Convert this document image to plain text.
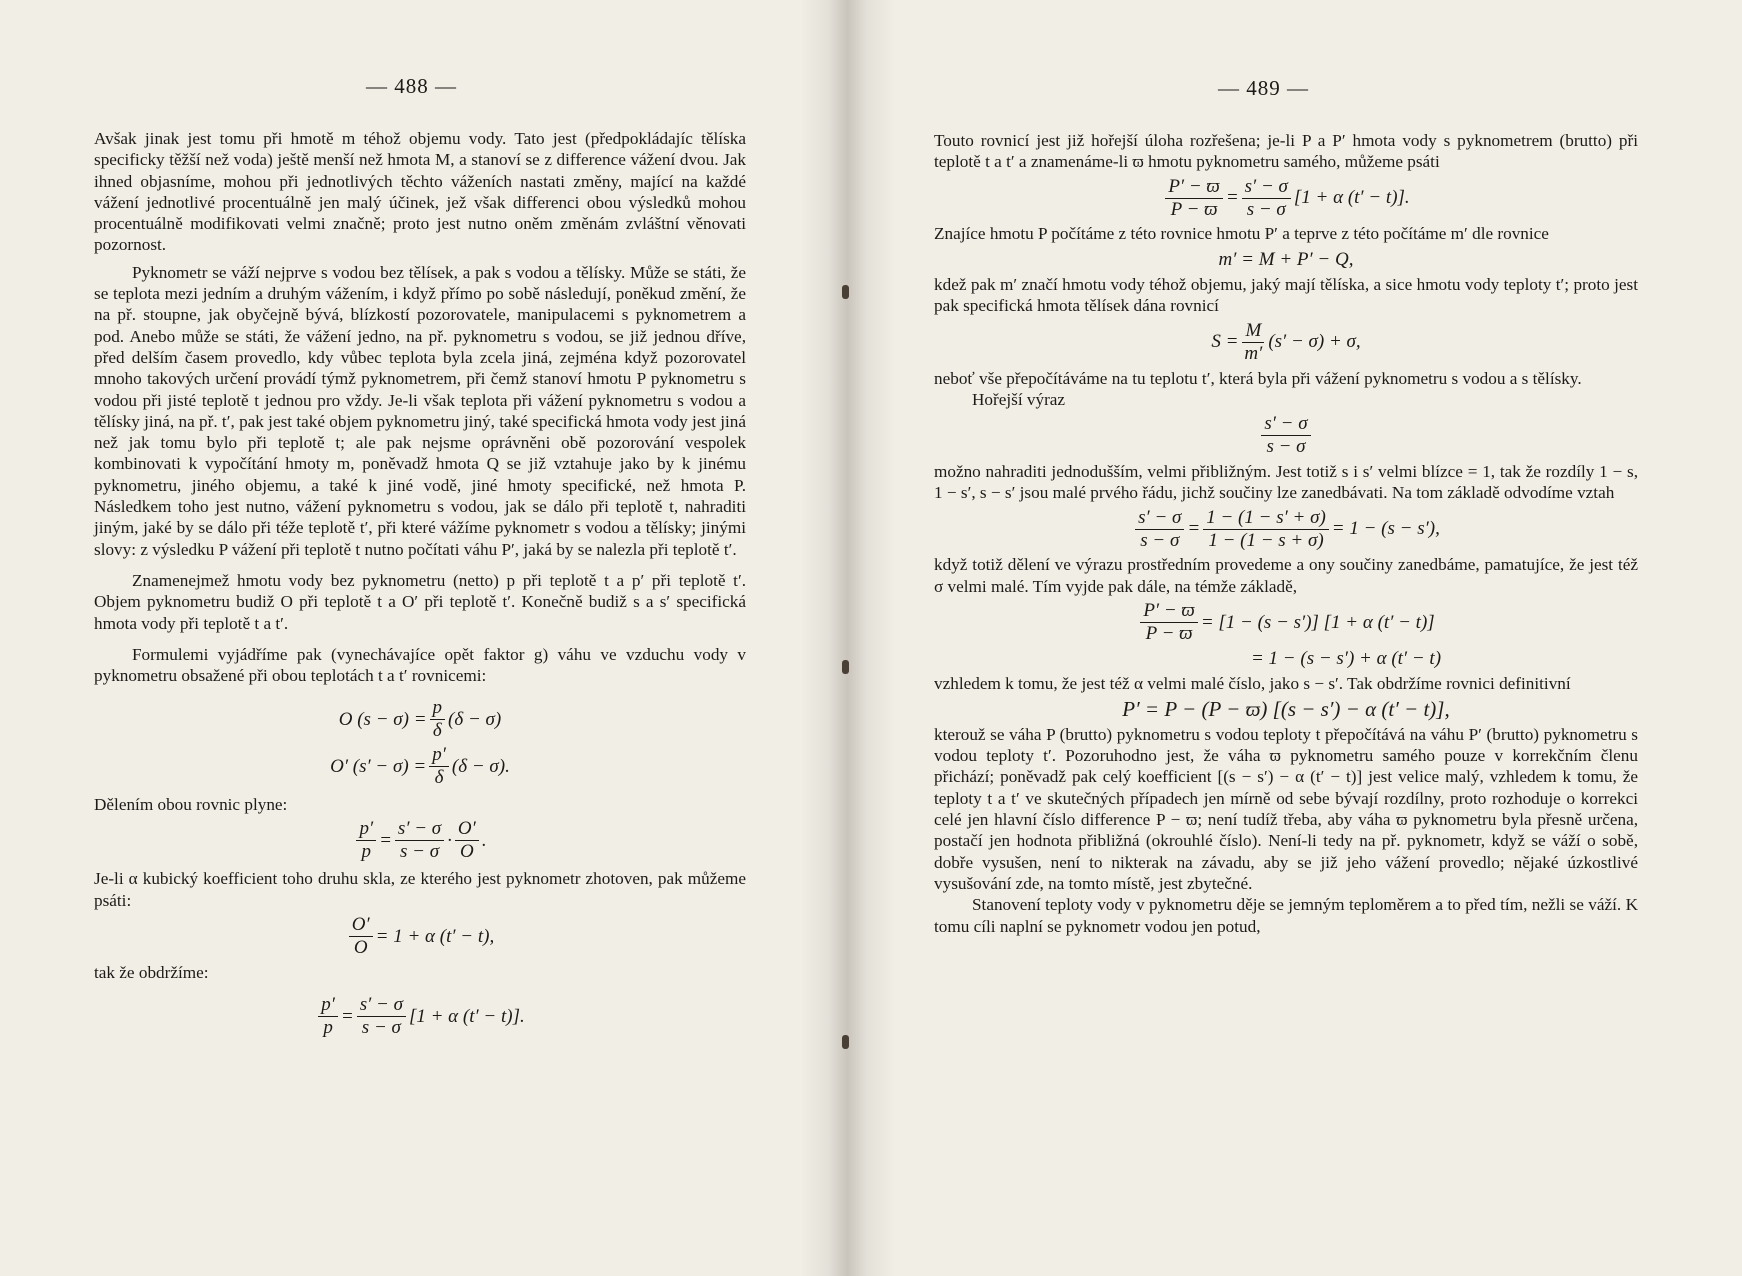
— 488 —

Avšak jinak jest tomu při hmotě m téhož objemu vody. Tato jest (předpokládajíc tělíska specificky těžší než voda) ještě menší než hmota M, a stanoví se z difference vážení dvou. Jak ihned objasníme, mohou při jednotlivých těchto váženích nastati změny, mající na každé vážení jednotlivé procentuálně jen malý účinek, jež však differenci obou výsledků mohou procentuálně modifikovati velmi značně; proto jest nutno oněm změnám zvláštní věnovati pozornost.

Pyknometr se váží nejprve s vodou bez tělísek, a pak s vodou a tělísky. Může se státi, že se teplota mezi jedním a druhým vážením, i když přímo po sobě následují, poněkud změní, že na př. stoupne, jak obyčejně bývá, blízkostí pozorovatele, manipulacemi s pyknometrem a pod. Anebo může se státi, že vážení jedno, na př. pyknometru s vodou, se již jednou dříve, před delším časem provedlo, kdy vůbec teplota byla zcela jiná, zejména když pozorovatel mnoho takových určení provádí týmž pyknometrem, při čemž stanoví hmotu P pyknometru s vodou při jisté teplotě t jednou pro vždy. Je-li však teplota při vážení pyknometru s vodou a tělísky jiná, na př. t′, pak jest také objem pyknometru jiný, také specifická hmota vody jest jiná než jak tomu bylo při teplotě t; ale pak nejsme oprávněni obě pozorování vespolek kombinovati k vypočítání hmoty m, poněvadž hmota Q se již vztahuje jako by k jinému pyknometru, jiného objemu, a také k jiné vodě, jiné hmoty specifické, než hmota P. Následkem toho jest nutno, vážení pyknometru s vodou, jak se dálo při teplotě t, nahraditi jiným, jaké by se dálo při téže teplotě t′, při které vážíme pyknometr s vodou a tělísky; jinými slovy: z výsledku P vážení při teplotě t nutno počítati váhu P′, jaká by se nalezla při teplotě t′.

Znamenejmež hmotu vody bez pyknometru (netto) p při teplotě t a p′ při teplotě t′. Objem pyknometru budiž O při teplotě t a O′ při teplotě t′. Konečně budiž s a s′ specifická hmota vody při teplotě t a t′.

Formulemi vyjádříme pak (vynechávajíce opět faktor g) váhu ve vzduchu vody v pyknometru obsažené při obou teplotách t a t′ rovnicemi:

O $(s - \sigma) = \frac{p}{\delta} (\delta - \sigma)$
O′ $(s' - \sigma) = \frac{p'}{\delta} (\delta - \sigma)$.

Dělením obou rovnic plyne:

$\frac{p'}{p} = \frac{s' - \sigma}{s - \sigma} \cdot \frac{O'}{O}$ .

Je-li α kubický koefficient toho druhu skla, ze kterého jest pyknometr zhotoven, pak můžeme psáti:

$\frac{O'}{O} = 1 + \alpha$ (t′ − t),

tak že obdržíme:

$\frac{p'}{p} = \frac{s' - \sigma}{s - \sigma} [1 + \alpha$ (t′ − t)].
— 489 —

Touto rovnicí jest již hořejší úloha rozřešena; je-li P a P′ hmota vody s pyknometrem (brutto) při teplotě t a t′ a znamenáme-li ϖ hmotu pyknometru samého, můžeme psáti

$\frac{P' - ϖ}{P - ϖ} = \frac{s' - \sigma}{s - \sigma} [1 + \alpha$ (t′ − t)].

Znajíce hmotu P počítáme z této rovnice hmotu P′ a teprve z této počítáme m′ dle rovnice

m′ = M + P′ − Q,

kdež pak m′ značí hmotu vody téhož objemu, jaký mají tělíska, a sice hmotu vody teploty t′; proto jest pak specifická hmota tělísek dána rovnicí

$S = \frac{M}{m'} (s' - \sigma) + \sigma$,

neboť vše přepočítáváme na tu teplotu t′, která byla při vážení pyknometru s vodou a s tělísky.

Hořejší výraz

$\frac{s' - \sigma}{s - \sigma}$

možno nahraditi jednodušším, velmi přibližným. Jest totiž s i s′ velmi blízce = 1, tak že rozdíly 1 − s, 1 − s′, s − s′ jsou malé prvého řádu, jichž součiny lze zanedbávati. Na tom základě odvodíme vztah

$\frac{s' - \sigma}{s - \sigma} = \frac{1 - (1 - s' + \sigma)}{1 - (1 - s + \sigma)} = 1 - (s - s')$,

když totiž dělení ve výrazu prostředním provedeme a ony součiny zanedbáme, pamatujíce, že jest též σ velmi malé. Tím vyjde pak dále, na témže základě,

$\frac{P' - ϖ}{P - ϖ} = [1 - (s - s')] [1 + \alpha$ (t′ − t)]
= 1 − (s − s′) + α (t′ − t)

vzhledem k tomu, že jest též α velmi malé číslo, jako s − s′. Tak obdržíme rovnici definitivní

P′ = P − (P − ϖ) [(s − s′) − α (t′ − t)],

kterouž se váha P (brutto) pyknometru s vodou teploty t přepočítává na váhu P′ (brutto) pyknometru s vodou teploty t′. Pozoruhodno jest, že váha ϖ pyknometru samého pouze v korrekčním členu přichází; poněvadž pak celý koefficient [(s − s′) − α (t′ − t)] jest velice malý, vzhledem k tomu, že teploty t a t′ ve skutečných případech jen mírně od sebe bývají rozdílny, proto rozhoduje o korrekci celé jen hlavní číslo difference P − ϖ; není tudíž třeba, aby váha ϖ pyknometru byla přesně určena, postačí jen hodnota přibližná (okrouhlé číslo). Není-li tedy na př. pyknometr, když se váží o sobě, dobře vysušen, není to nikterak na závadu, aby se již jeho vážení provedlo; nějaké úzkostlivé vysušování zde, na tomto místě, jest zbytečné.

Stanovení teploty vody v pyknometru děje se jemným teploměrem a to před tím, nežli se váží. K tomu cíli naplní se pyknometr vodou jen potud,
